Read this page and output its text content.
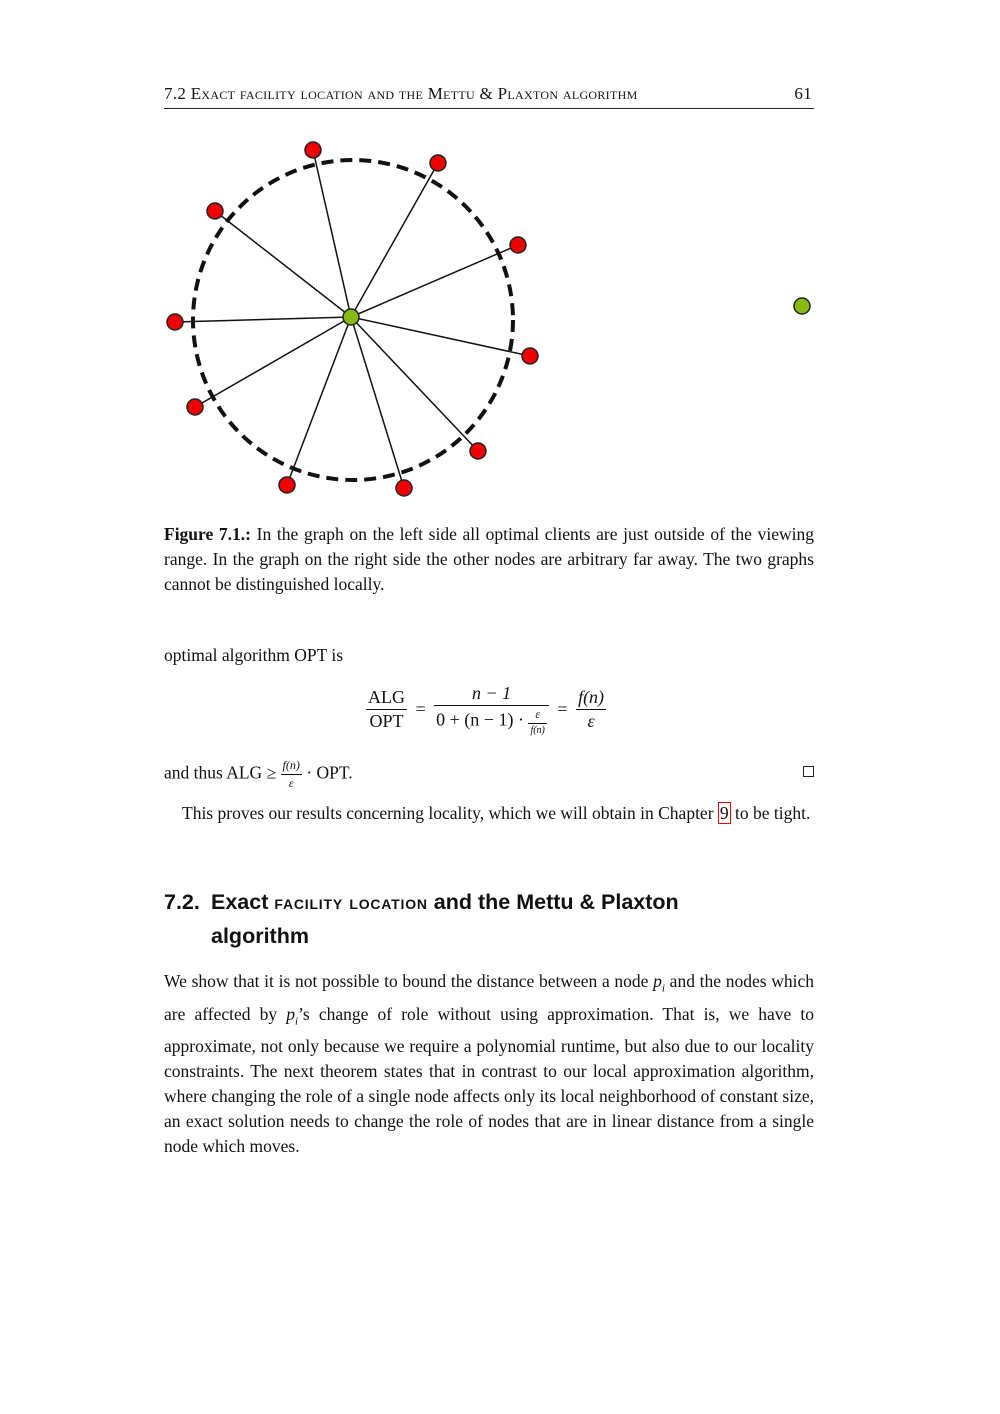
7.2 Exact facility location and the Mettu & Plaxton algorithm	61
Figure 7.1.: In the graph on the left side all optimal clients are just outside of the viewing range. In the graph on the right side the other nodes are arbitrary far away. The two graphs cannot be distinguished locally.
optimal algorithm OPT is
$\frac{\text{ALG}}{\text{OPT}} = \frac{n - 1}{0 + (n - 1) \cdot \frac{\varepsilon}{f(n)}} = \frac{f(n)}{\varepsilon}$
and thus ALG ≥ $\frac{f(n)}{\varepsilon}$ · OPT.
This proves our results concerning locality, which we will obtain in Chapter 9 to be tight.
7.2. Exact facility location and the Mettu & Plaxton algorithm
We show that it is not possible to bound the distance between a node $p_i$ and the nodes which are affected by $p_i’s$ change of role without using approximation. That is, we have to approximate, not only because we require a polynomial runtime, but also due to our locality constraints. The next theorem states that in contrast to our local approximation algorithm, where changing the role of a single node affects only its local neighborhood of constant size, an exact solution needs to change the role of nodes that are in linear distance from a single node which moves.
